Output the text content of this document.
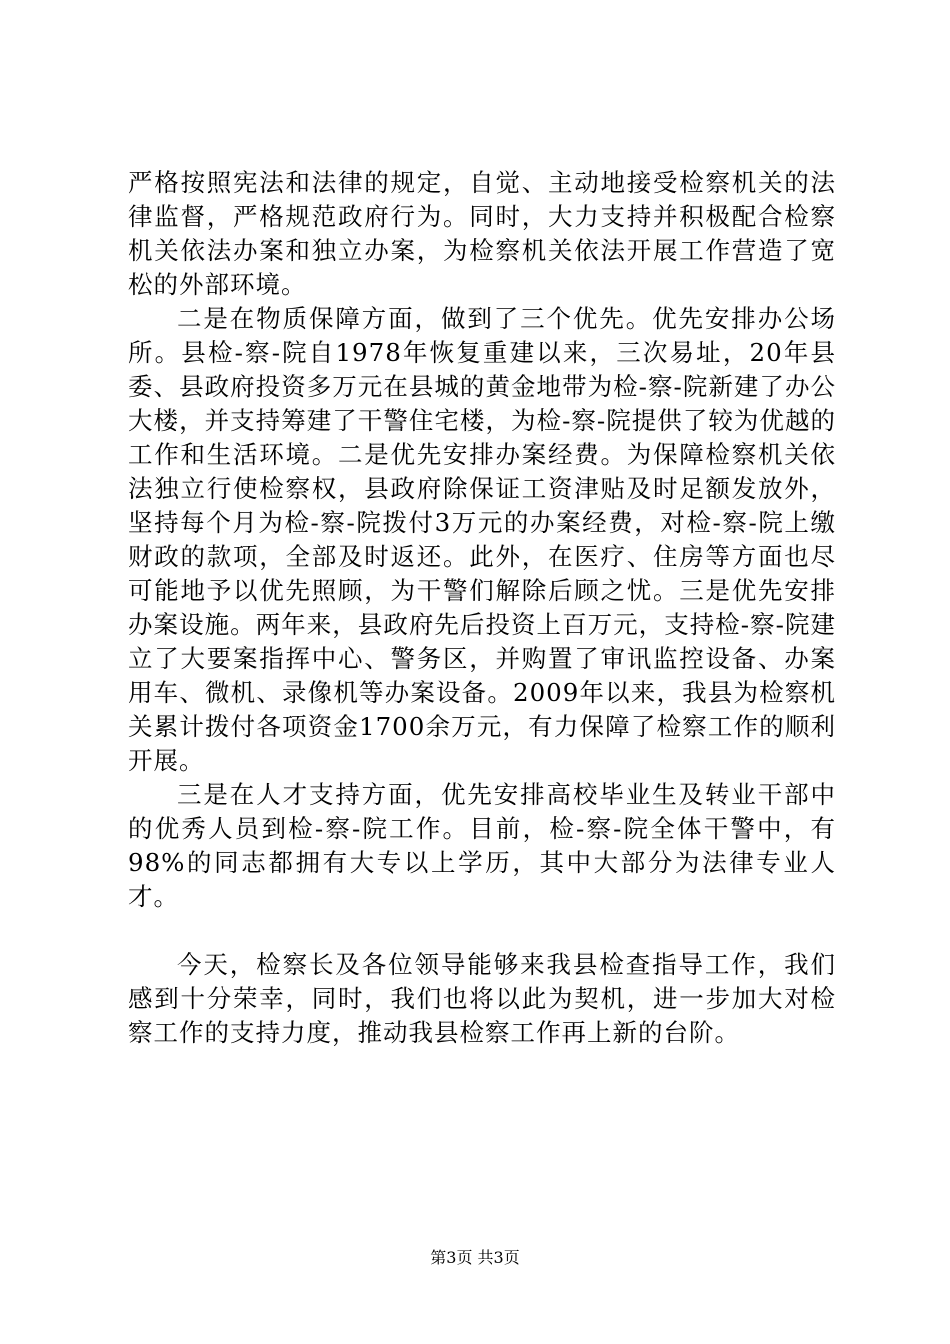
严格按照宪法和法律的规定，自觉、主动地接受检察机关的法律监督，严格规范政府行为。同时，大力支持并积极配合检察机关依法办案和独立办案，为检察机关依法开展工作营造了宽松的外部环境。

二是在物质保障方面，做到了三个优先。优先安排办公场所。县检-察-院自1978年恢复重建以来，三次易址，20年县委、县政府投资多万元在县城的黄金地带为检-察-院新建了办公大楼，并支持筹建了干警住宅楼，为检-察-院提供了较为优越的工作和生活环境。二是优先安排办案经费。为保障检察机关依法独立行使检察权，县政府除保证工资津贴及时足额发放外，坚持每个月为检-察-院拨付3万元的办案经费，对检-察-院上缴财政的款项，全部及时返还。此外，在医疗、住房等方面也尽可能地予以优先照顾，为干警们解除后顾之忧。三是优先安排办案设施。两年来，县政府先后投资上百万元，支持检-察-院建立了大要案指挥中心、警务区，并购置了审讯监控设备、办案用车、微机、录像机等办案设备。2009年以来，我县为检察机关累计拨付各项资金1700余万元，有力保障了检察工作的顺利开展。

三是在人才支持方面，优先安排高校毕业生及转业干部中的优秀人员到检-察-院工作。目前，检-察-院全体干警中，有98%的同志都拥有大专以上学历，其中大部分为法律专业人才。

今天，检察长及各位领导能够来我县检查指导工作，我们感到十分荣幸，同时，我们也将以此为契机，进一步加大对检察工作的支持力度，推动我县检察工作再上新的台阶。

第3页 共3页
